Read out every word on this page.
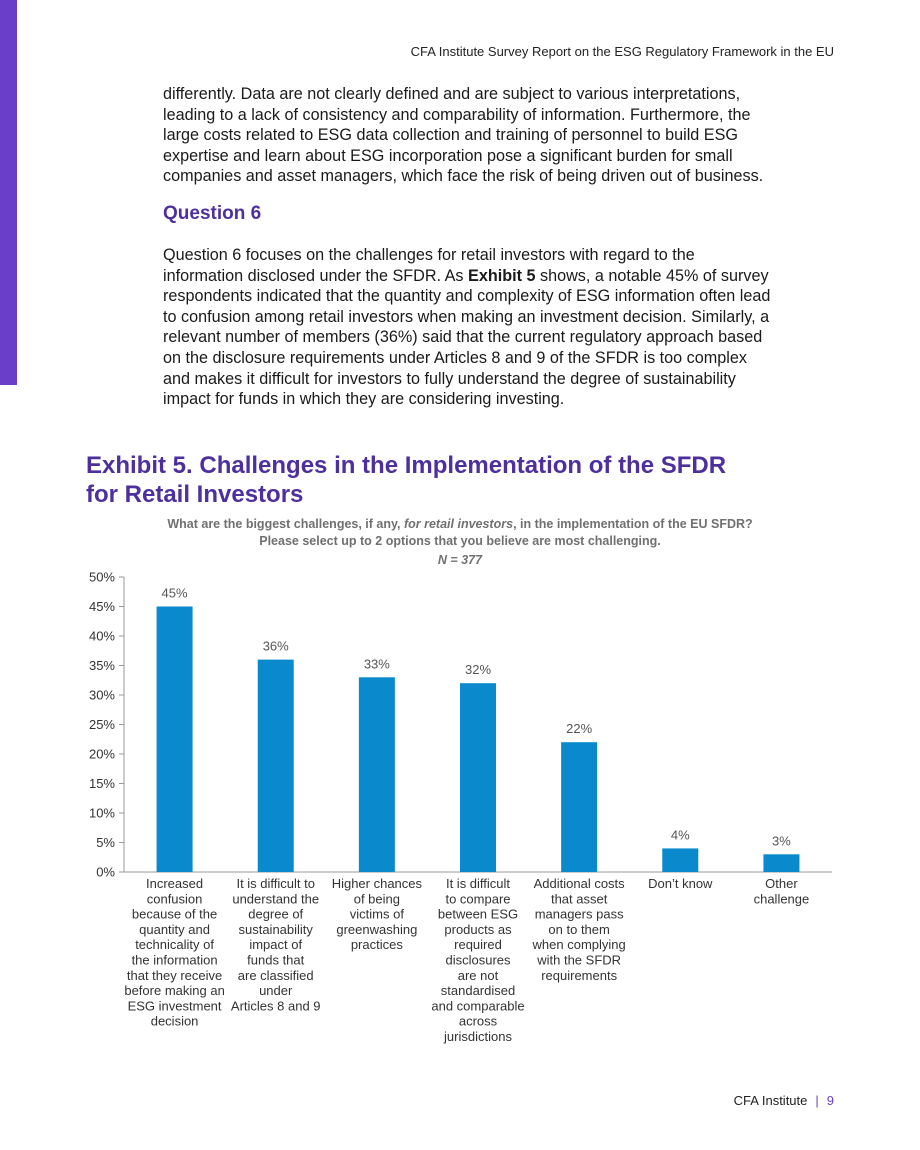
CFA Institute Survey Report on the ESG Regulatory Framework in the EU
differently. Data are not clearly defined and are subject to various interpretations, leading to a lack of consistency and comparability of information. Furthermore, the large costs related to ESG data collection and training of personnel to build ESG expertise and learn about ESG incorporation pose a significant burden for small companies and asset managers, which face the risk of being driven out of business.
Question 6
Question 6 focuses on the challenges for retail investors with regard to the information disclosed under the SFDR. As Exhibit 5 shows, a notable 45% of survey respondents indicated that the quantity and complexity of ESG information often lead to confusion among retail investors when making an investment decision. Similarly, a relevant number of members (36%) said that the current regulatory approach based on the disclosure requirements under Articles 8 and 9 of the SFDR is too complex and makes it difficult for investors to fully understand the degree of sustainability impact for funds in which they are considering investing.
Exhibit 5. Challenges in the Implementation of the SFDR
for Retail Investors
What are the biggest challenges, if any, for retail investors, in the implementation of the EU SFDR?
Please select up to 2 options that you believe are most challenging.
N = 377
0%
5%
10%
15%
20%
25%
30%
35%
40%
45%
50%
45%
Increased confusion because of the quantity and technicality of the information that they receive before making an ESG investment decision
36%
It is difficult to understand the degree of sustainability impact of funds that are classified under Articles 8 and 9
33%
Higher chances of being victims of greenwashing practices
32%
It is difficult to compare between ESG products as required disclosures are not standardised and comparable across jurisdictions
22%
Additional costs that asset managers pass on to them when complying with the SFDR requirements
4%
Don’t know
3%
Other challenge
CFA Institute | 9
